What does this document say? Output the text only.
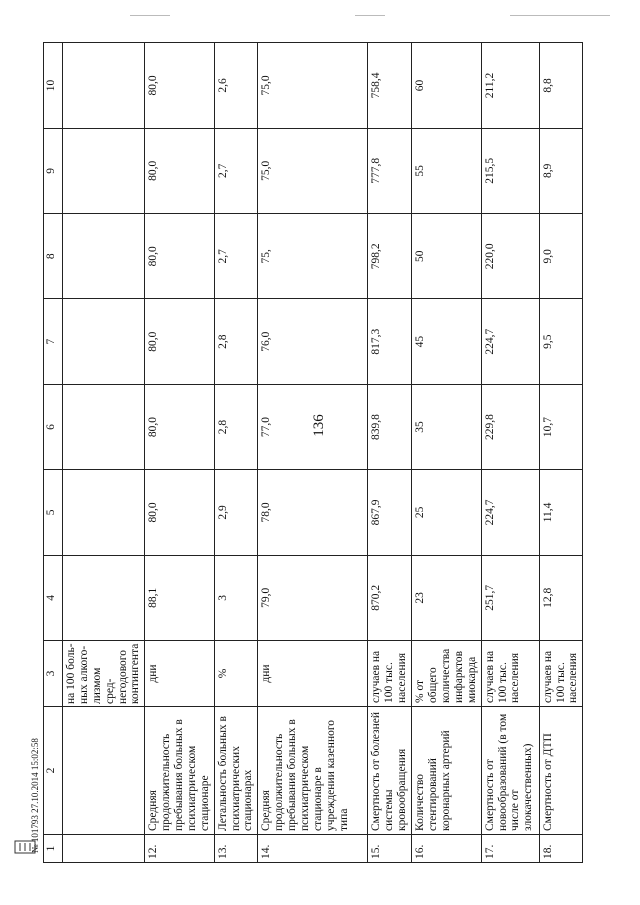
136
1	2	3	4	5	6	7	8	9	10
		на 100 боль-ных алкого-лизмом сред-негодового контингента							
12.	Средняя продолжительность пребывания больных в психиатрическом стационаре	дни	88,1	80,0	80,0	80,0	80,0	80,0	80,0
13.	Летальность больных в психиатрических стационарах	%	3	2,9	2,8	2,8	2,7	2,7	2,6
14.	Средняя продолжительность пребывания больных в психиатрическом стационаре в учреждении казенного типа	дни	79,0	78,0	77,0	76,0	75,	75,0	75,0
15.	Смертность от болезней системы кровообращения	случаев на 100 тыс. населения	870,2	867,9	839,8	817,3	798,2	777,8	758,4
16.	Количество стентирований коронарных артерий	% от общего количества инфарктов миокарда	23	25	35	45	50	55	60
17.	Смертность от новообразований (в том числе от злокачественных)	случаев на 100 тыс. населения	251,7	224,7	229,8	224,7	220,0	215,5	211,2
18.	Смертность от ДТП	случаев на 100 тыс. населения	12,8	11,4	10,7	9,5	9,0	8,9	8,8
№ 101793 27.10.2014 15:02:58
